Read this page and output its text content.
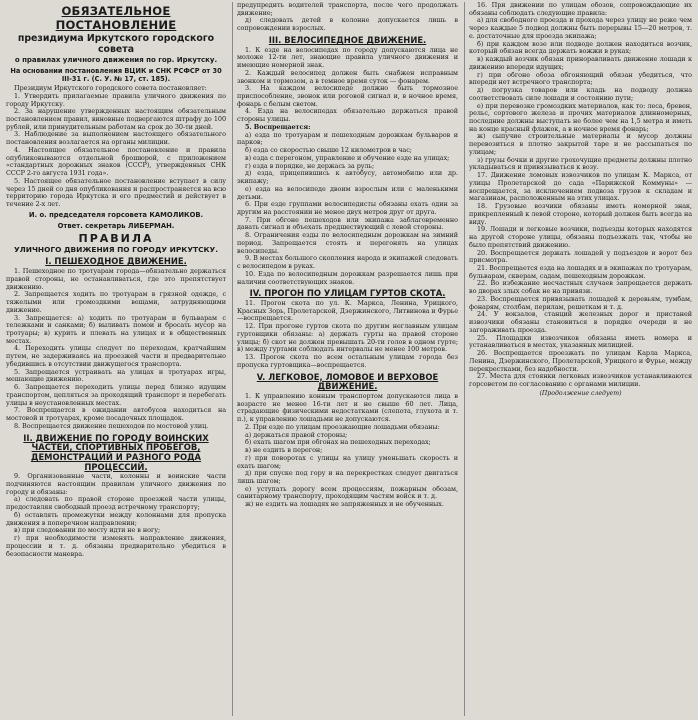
ОБЯЗАТЕЛЬНОЕ ПОСТАНОВЛЕНИЕ
президиума Иркутского городского совета
о правилах уличного движения по гор. Иркутску.
На основании постановления ВЦИК и СНК РСФСР от 30 III-31 г. (С. У. № 17, ст. 185).

Президиум Иркутского городского совета постановляет:

1. Утвердить прилагаемые правила уличного движения по городу Иркутску.

2. За нарушение утвержденных настоящим обязательным постановлением правил, виновные подвергаются штрафу до 100 рублей, или принудительным работам на срок до 30-ти дней.

3. Наблюдение за выполнением настоящего обязательного постановления возлагается на органы милиции.

4. Настоящее обязательное постановление и правила опубликовываются отдельной брошюрой, с приложением «стандартных дорожных знаков (СССР), утвержденных СНК СССР 2-го августа 1931 года».

5. Настоящее обязательное постановление вступает в силу через 15 дней со дня опубликования и распространяется на всю территорию города Иркутска и его предместий и действует в течение 2-х лет.

И. о. председателя горсовета КАМОЛИКОВ.
Ответ. секретарь ЛИБЕРМАН.
ПРАВИЛА
УЛИЧНОГО ДВИЖЕНИЯ ПО ГОРОДУ ИРКУТСКУ.
I. ПЕШЕХОДНОЕ ДВИЖЕНИЕ.

1. Пешеходное по тротуарам города—обязательно держаться правой стороны, не останавливаться, где это препятствует движению.

2. Запрещается ходить по тротуарам в грязной одежде, с тяжелыми или громоздкими вещами, затрудняющими движение.

3. Запрещается: а) ходить по тротуарам и бульварам с тележками и санками; б) выливать помои и бросать мусор на тротуары; в) курить и плевать на улицах и в общественных местах.

4. Переходить улицы следует по переходам, кратчайшим путем, не задерживаясь на проезжей части и предварительно убедившись в отсутствии движущегося транспорта.

5. Запрещается устраивать на улицах и тротуарах игры, мешающие движению.

6. Запрещается переходить улицы перед близко идущим транспортом, цепляться за проходящий транспорт и перебегать улицы в неустановленных местах.

7. Воспрещается в ожидании автобусов находиться на мостовой и тротуарах, кроме посадочных площадок.

8. Воспрещается движение пешеходов по мостовой улиц.

II. ДВИЖЕНИЕ ПО ГОРОДУ ВОИНСКИХ ЧАСТЕЙ, СПОРТИВНЫХ ПРОБЕГОВ, ДЕМОНСТРАЦИЙ И РАЗНОГО РОДА ПРОЦЕССИЙ.

9. Организованные части, колонны и воинские части подчиняются настоящим правилам уличного движения по городу и обязаны:

а) следовать по правой стороне проезжей части улицы, предоставляя свободный проезд встречному транспорту;

б) оставлять промежутки между колоннами для пропуска движения в поперечном направлении;

в) при следовании по мосту идти не в ногу;

г) при необходимости изменять направление движения, процессии и т. д. обязаны предварительно убедиться в безопасности маневра.

предупредить водителей транспорта, после чего продолжать движение;

д) следовать детей в колонне допускается лишь в сопровождении взрослых.

III. ВЕЛОСИПЕДНОЕ ДВИЖЕНИЕ.

1. К езде на велосипедах по городу допускаются лица не моложе 12-ти лет, знающие правила уличного движения и имеющие номерной знак.

2. Каждый велосипед должен быть снабжен исправным звонком и тормозом, а в темное время суток — фонарем.

3. На каждом велосипеде должно быть тормозное приспособление, звонок или роговой сигнал и, в ночное время, фонарь с белым светом.

4. Езда на велосипедах обязательно держаться правой стороны улицы.

5. Воспрещается:

а) езда по тротуарам и пешеходным дорожкам бульваров и парков;

б) езда со скоростью свыше 12 километров в час;

в) езда с перегоном, управление и обучение езде на улицах;

г) езда в порядке, не держась за руль;

д) езда, прицепившись к автобусу, автомобилю или др. экипажу;

е) езда на велосипеде двоим взрослым или с маленькими детьми.

6. При езде группами велосипедисты обязаны ехать один за другим на расстоянии не менее двух метров друг от друга.

7. При обгоне пешеходов или экипажа заблаговременно давать сигнал и объехать предшествующий с левой стороны.

8. Ограничения езды по велосипедным дорожкам на зимний период. Запрещается стоять и перегонять на улицах велосипеды.

9. В местах большого скопления народа и экипажей следовать с велосипедом в руках.

10. Езда по велосипедным дорожкам разрешается лишь при наличии соответствующих знаков.

IV. ПРОГОН ПО УЛИЦАМ ГУРТОВ СКОТА.

11. Прогон скота по ул. К. Маркса, Ленина, Урицкого, Красных Зорь, Пролетарской, Дзержинского, Литвинова и Фурье—воспрещается.

12. При прогоне гуртов скота по другим неглавным улицам гуртовщики обязаны: а) держать гурты на правой стороне улицы; б) скот не должен превышать 20-ти голов в одном гурте; в) между гуртами соблюдать интервалы не менее 100 метров.

13. Прогон скота по всем остальным улицам города без пропуска гуртовщика—воспрещается.

V. ЛЕГКОВОЕ, ЛОМОВОЕ И ВЕРХОВОЕ ДВИЖЕНИЕ.

1. К управлению конным транспортом допускаются лица в возрасте не менее 16-ти лет и не свыше 60 лет. Лица, страдающие физическими недостатками (слепота, глухота и т. п.), к управлению лошадьми не допускаются.

2. При езде по улицам проезжающие лошадьми обязаны:

а) держаться правой стороны;

б) ехать шагом при обгонах на пешеходных переходах;

в) не ездить в перегон;

г) при поворотах с улицы на улицу уменьшать скорость и ехать шагом;

д) при спуске под гору и на перекрестках следует двигаться лишь шагом;

е) уступать дорогу всем процессиям, пожарным обозам, санитарному транспорту, проходящим частям войск и т. д.

ж) не ездить на лошадях не запряженных и не обученных.

16. При движении по улицам обозов, сопровождающие их обязаны соблюдать следующие правила:

а) для свободного проезда и прохода через улицу не реже чем через каждые 5 подвод должны быть перерывы 15—20 метров, т. е. достаточные для проезда экипажа;

б) при каждом возе или подводе должен находиться возчик, который обязан всегда держать вожжи в руках;

в) каждый возчик обязан приноравливать движение лошади к движению впереди идущих;

г) при обгоне обоза обгоняющий обязан убедиться, что впереди нет встречного транспорта;

д) погрузка товаров или кладь на подводу должна соответствовать силе лошади и состоянию пути;

е) при перевозке громоздких материалов, как то: леса, бревен, рельс, сортового железа и прочих материалов длинномерных, последние должны выступать не более чем на 1,5 метра и иметь на конце красный флажок, а в ночное время фонарь;

ж) сыпучие строительные материалы и мусор должны перевозиться в плотно закрытой таре и не рассыпаться по улицам;

з) грузы бочки и другие грохочущие предметы должны плотно укладываться и привязываться к возу.

17. Движение ломовых извозчиков по улицам К. Маркса, от улицы Пролетарской до сада «Парижской Коммуны» — воспрещается, за исключением подвоза грузов к складам и магазинам, расположенным на этих улицах.

18. Грузовые возчики обязаны иметь номерной знак, прикрепленный к левой стороне, который должен быть всегда на виду.

19. Лошади и легковые возчики, подъезды которых находятся на другой стороне улицы, обязаны подъезжать так, чтобы не было препятствий движению.

20. Воспрещается держать лошадей у подъездов и ворот без присмотра.

21. Воспрещается езда на лошадях и в экипажах по тротуарам, бульварам, скверам, садам, пешеходным дорожкам.

22. Во избежание несчастных случаев запрещается держать во дворах злых собак не на привязи.

23. Воспрещается привязывать лошадей к деревьям, тумбам, фонарям, столбам, перилам, решеткам и т. д.

24. У вокзалов, станций железных дорог и пристаней извозчики обязаны становиться в порядке очереди и не загораживать проезда.

25. Площадки извозчиков обязаны иметь номера и устанавливаться в местах, указанных милицией.

26. Воспрещается проезжать по улицам Карла Маркса, Ленина, Дзержинского, Пролетарской, Урицкого и Фурье, между перекрестками, без надобности.

27. Места для стоянки легковых извозчиков устанавливаются горсоветом по согласованию с органами милиции.

(Продолжение следует)
